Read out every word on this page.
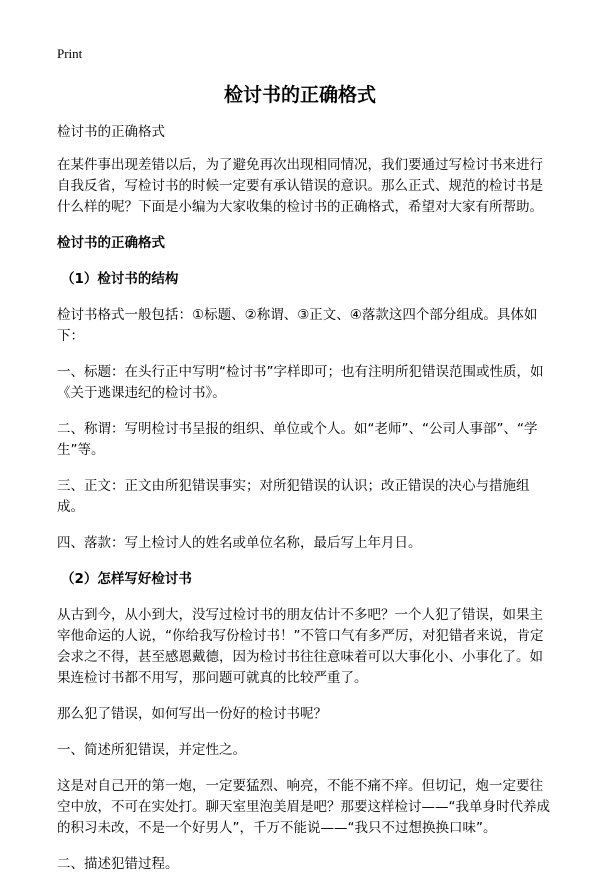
Print
检讨书的正确格式

检讨书的正确格式

在某件事出现差错以后，为了避免再次出现相同情况，我们要通过写检讨书来进行自我反省，写检讨书的时候一定要有承认错误的意识。那么正式、规范的检讨书是什么样的呢？下面是小编为大家收集的检讨书的正确格式，希望对大家有所帮助。

检讨书的正确格式

（1）检讨书的结构

检讨书格式一般包括：①标题、②称谓、③正文、④落款这四个部分组成。具体如下：

一、标题：在头行正中写明“检讨书”字样即可；也有注明所犯错误范围或性质，如《关于逃课违纪的检讨书》。

二、称谓：写明检讨书呈报的组织、单位或个人。如“老师”、“公司人事部”、“学生”等。

三、正文：正文由所犯错误事实；对所犯错误的认识；改正错误的决心与措施组成。

四、落款：写上检讨人的姓名或单位名称，最后写上年月日。

（2）怎样写好检讨书

从古到今，从小到大，没写过检讨书的朋友估计不多吧？一个人犯了错误，如果主宰他命运的人说，“你给我写份检讨书！”不管口气有多严厉，对犯错者来说，肯定会求之不得，甚至感恩戴德，因为检讨书往往意味着可以大事化小、小事化了。如果连检讨书都不用写，那问题可就真的比较严重了。

那么犯了错误，如何写出一份好的检讨书呢？

一、简述所犯错误，并定性之。

这是对自己开的第一炮，一定要猛烈、响亮，不能不痛不痒。但切记，炮一定要往空中放，不可在实处打。聊天室里泡美眉是吧？那要这样检讨——“我单身时代养成的积习未改，不是一个好男人”，千万不能说——“我只不过想换换口味”。

二、描述犯错过程。
